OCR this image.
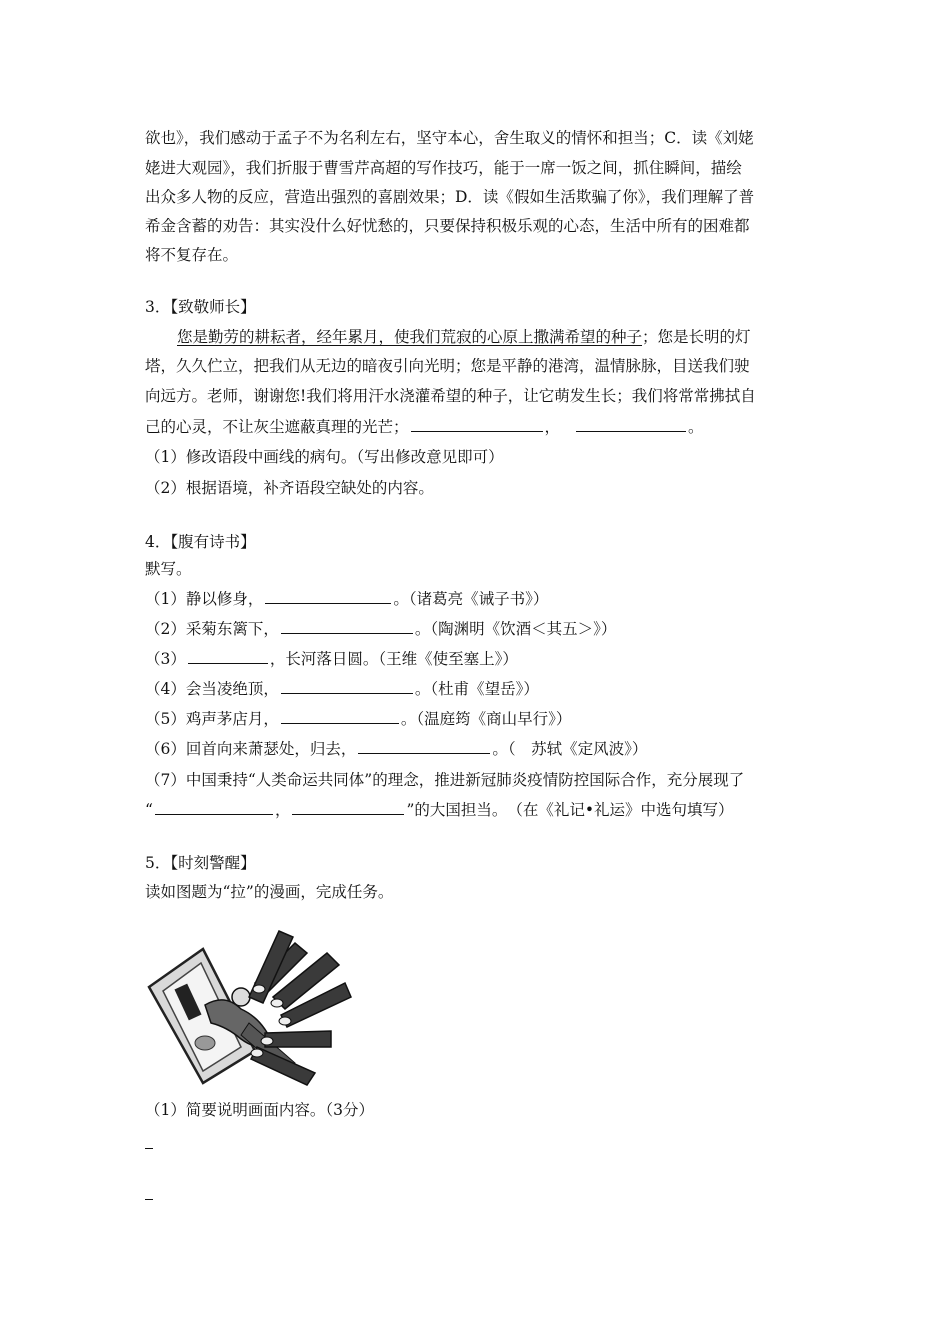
欲也》，我们感动于孟子不为名利左右，坚守本心，舍生取义的情怀和担当；C．读《刘姥
姥进大观园》，我们折服于曹雪芹高超的写作技巧，能于一席一饭之间，抓住瞬间，描绘
出众多人物的反应，营造出强烈的喜剧效果；D．读《假如生活欺骗了你》，我们理解了普
希金含蓄的劝告：其实没什么好忧愁的，只要保持积极乐观的心态，生活中所有的困难都
将不复存在。
3．【致敬师长】
您是勤劳的耕耘者，经年累月，使我们荒寂的心原上撒满希望的种子；您是长明的灯
塔，久久伫立，把我们从无边的暗夜引向光明；您是平静的港湾，温情脉脉，目送我们驶
向远方。老师，谢谢您!我们将用汗水浇灌希望的种子，让它萌发生长；我们将常常拂拭自
己的心灵，不让灰尘遮蔽真理的光芒；	，	。
（1）修改语段中画线的病句。（写出修改意见即可）
（2）根据语境，补齐语段空缺处的内容。
4．【腹有诗书】
默写。
（1）静以修身，	。（诸葛亮《诫子书》）
（2）采菊东篱下，	。（陶渊明《饮酒＜其五＞》）
（3）	，长河落日圆。（王维《使至塞上》）
（4）会当凌绝顶，	。（杜甫《望岳》）
（5）鸡声茅店月，	。（温庭筠《商山早行》）
（6）回首向来萧瑟处，归去，	。（　苏轼《定风波》）
（7）中国秉持“人类命运共同体”的理念，推进新冠肺炎疫情防控国际合作，充分展现了
“	，	”的大国担当。　（在《礼记•礼运》中选句填写）
5．【时刻警醒】
读如图题为“拉”的漫画，完成任务。
（1）简要说明画面内容。（3分）
